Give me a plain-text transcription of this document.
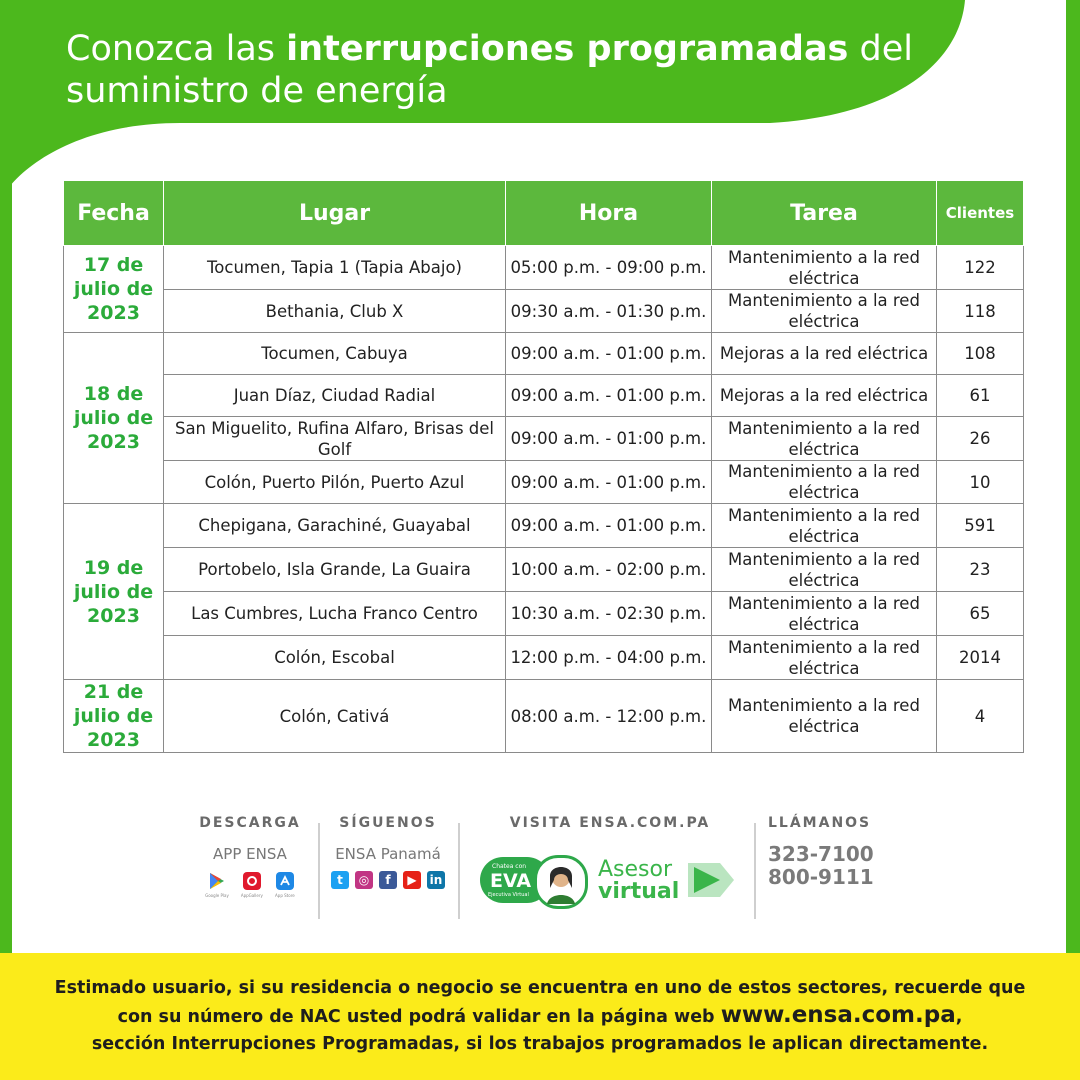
Conozca las interrupciones programadas del
suministro de energía
Fecha	Lugar	Hora	Tarea	Clientes
17 de julio de 2023	Tocumen, Tapia 1 (Tapia Abajo)	05:00 p.m. - 09:00 p.m.	Mantenimiento a la red eléctrica	122
	Bethania, Club X	09:30 a.m. - 01:30 p.m.	Mantenimiento a la red eléctrica	118
18 de julio de 2023	Tocumen, Cabuya	09:00 a.m. - 01:00 p.m.	Mejoras a la red eléctrica	108
	Juan Díaz, Ciudad Radial	09:00 a.m. - 01:00 p.m.	Mejoras a la red eléctrica	61
	San Miguelito, Rufina Alfaro, Brisas del Golf	09:00 a.m. - 01:00 p.m.	Mantenimiento a la red eléctrica	26
	Colón, Puerto Pilón, Puerto Azul	09:00 a.m. - 01:00 p.m.	Mantenimiento a la red eléctrica	10
19 de julio de 2023	Chepigana, Garachiné, Guayabal	09:00 a.m. - 01:00 p.m.	Mantenimiento a la red eléctrica	591
	Portobelo, Isla Grande, La Guaira	10:00 a.m. - 02:00 p.m.	Mantenimiento a la red eléctrica	23
	Las Cumbres, Lucha Franco Centro	10:30 a.m. - 02:30 p.m.	Mantenimiento a la red eléctrica	65
	Colón, Escobal	12:00 p.m. - 04:00 p.m.	Mantenimiento a la red eléctrica	2014
21 de julio de 2023	Colón, Cativá	08:00 a.m. - 12:00 p.m.	Mantenimiento a la red eléctrica	4
DESCARGA
APP ENSA
Google Play	AppGallery	App Store
SÍGUENOS
ENSA Panamá
t	◎	f	▶	in
VISITA ENSA.COM.PA
Chatea con
EVA
Ejecutiva Virtual
Asesor
virtual
LLÁMANOS
323-7100
800-9111
Estimado usuario, si su residencia o negocio se encuentra en uno de estos sectores, recuerde que
con su número de NAC usted podrá validar en la página web www.ensa.com.pa,
sección Interrupciones Programadas, si los trabajos programados le aplican directamente.
